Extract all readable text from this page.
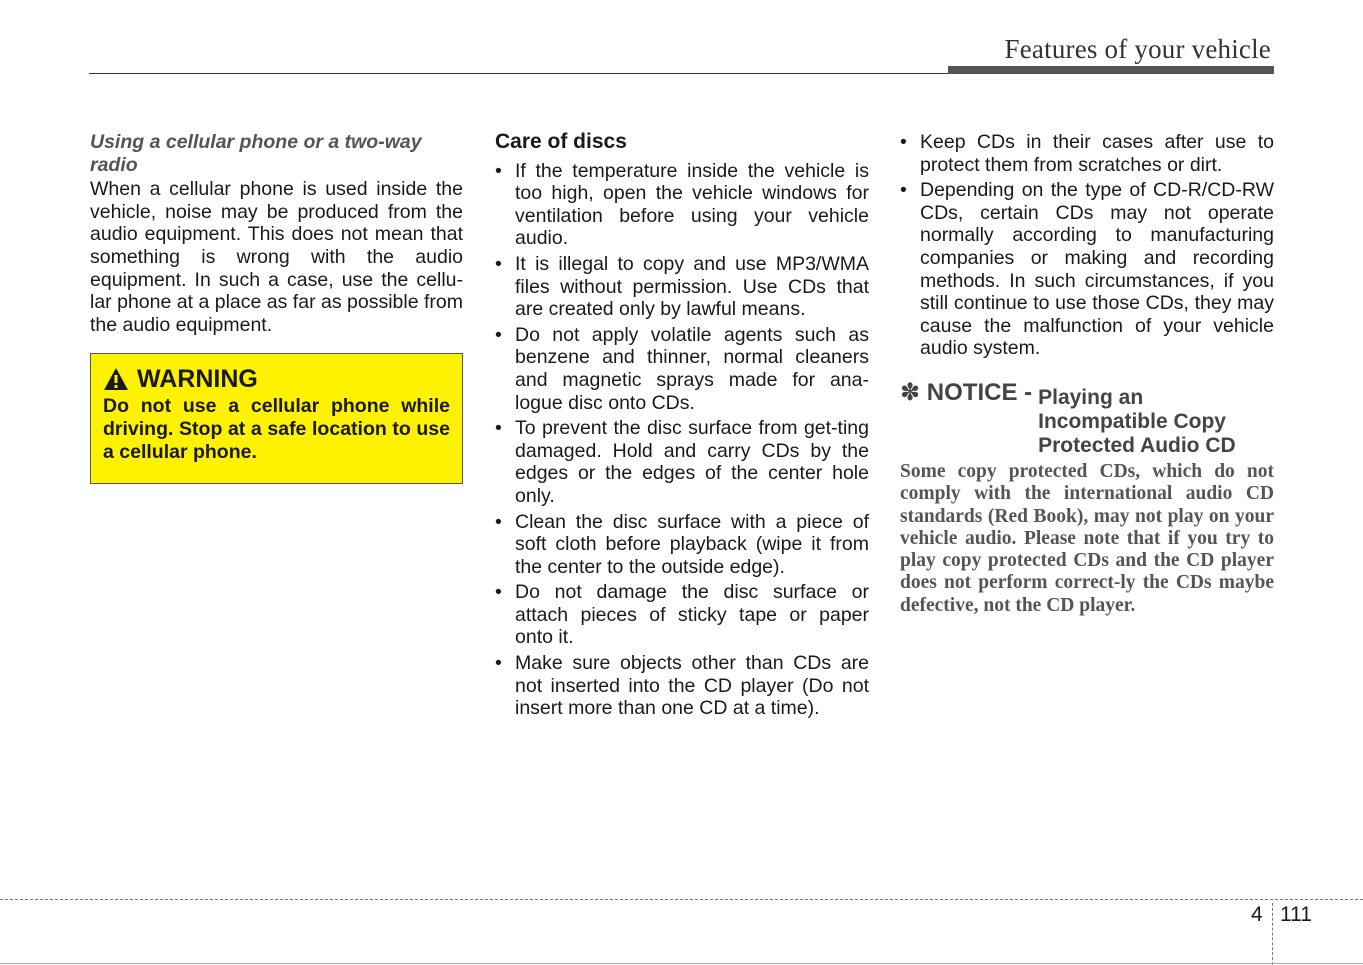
Features of your vehicle
Using a cellular phone or a two-way radio

When a cellular phone is used inside the vehicle, noise may be produced from the audio equipment. This does not mean that something is wrong with the audio equipment. In such a case, use the cellu-lar phone at a place as far as possible from the audio equipment.

WARNING
Do not use a cellular phone while driving. Stop at a safe location to use a cellular phone.
Care of discs
• If the temperature inside the vehicle is too high, open the vehicle windows for ventilation before using your vehicle audio.
• It is illegal to copy and use MP3/WMA files without permission. Use CDs that are created only by lawful means.
• Do not apply volatile agents such as benzene and thinner, normal cleaners and magnetic sprays made for ana-logue disc onto CDs.
• To prevent the disc surface from get-ting damaged. Hold and carry CDs by the edges or the edges of the center hole only.
• Clean the disc surface with a piece of soft cloth before playback (wipe it from the center to the outside edge).
• Do not damage the disc surface or attach pieces of sticky tape or paper onto it.
• Make sure objects other than CDs are not inserted into the CD player (Do not insert more than one CD at a time).
• Keep CDs in their cases after use to protect them from scratches or dirt.
• Depending on the type of CD-R/CD-RW CDs, certain CDs may not operate normally according to manufacturing companies or making and recording methods. In such circumstances, if you still continue to use those CDs, they may cause the malfunction of your vehicle audio system.
✽ NOTICE - Playing an Incompatible Copy Protected Audio CD
Some copy protected CDs, which do not comply with the international audio CD standards (Red Book), may not play on your vehicle audio. Please note that if you try to play copy protected CDs and the CD player does not perform correct-ly the CDs maybe defective, not the CD player.
4 111
